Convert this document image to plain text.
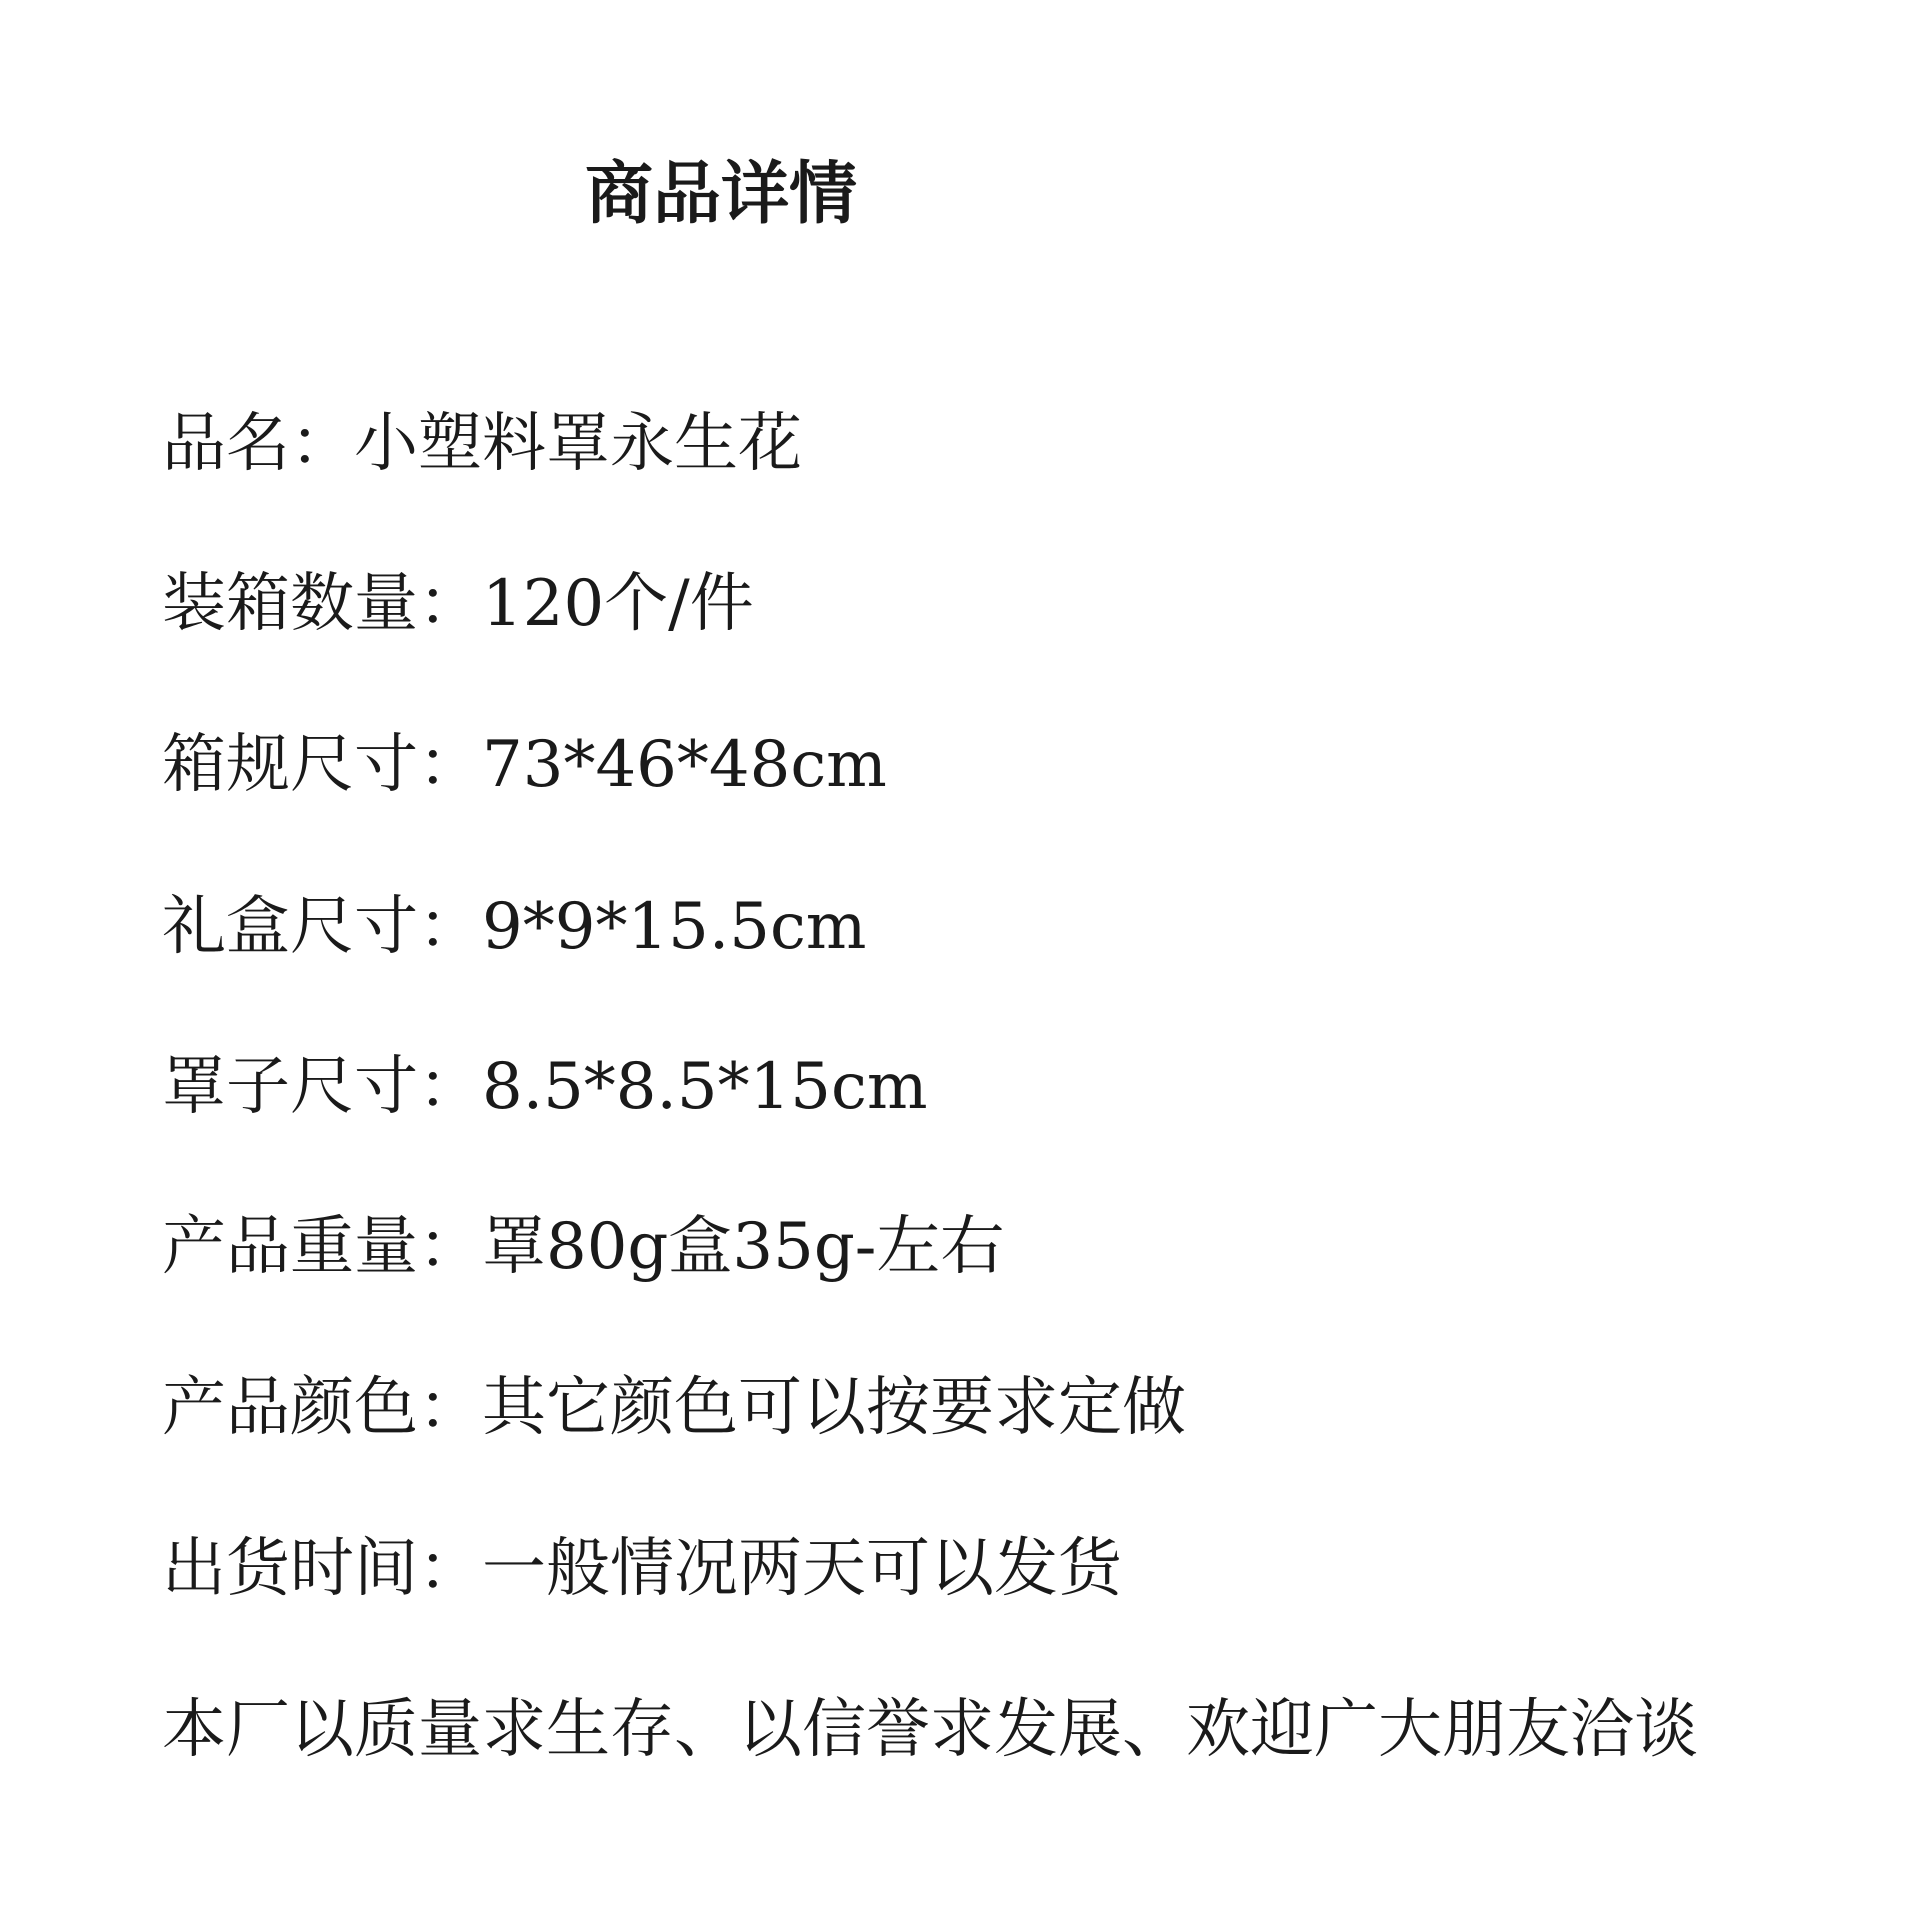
商品详情
品名：小塑料罩永生花
装箱数量：120个/件
箱规尺寸：73*46*48cm
礼盒尺寸：9*9*15.5cm
罩子尺寸：8.5*8.5*15cm
产品重量：罩80g盒35g-左右
产品颜色：其它颜色可以按要求定做
出货时间：一般情况两天可以发货
本厂以质量求生存、以信誉求发展、欢迎广大朋友洽谈
